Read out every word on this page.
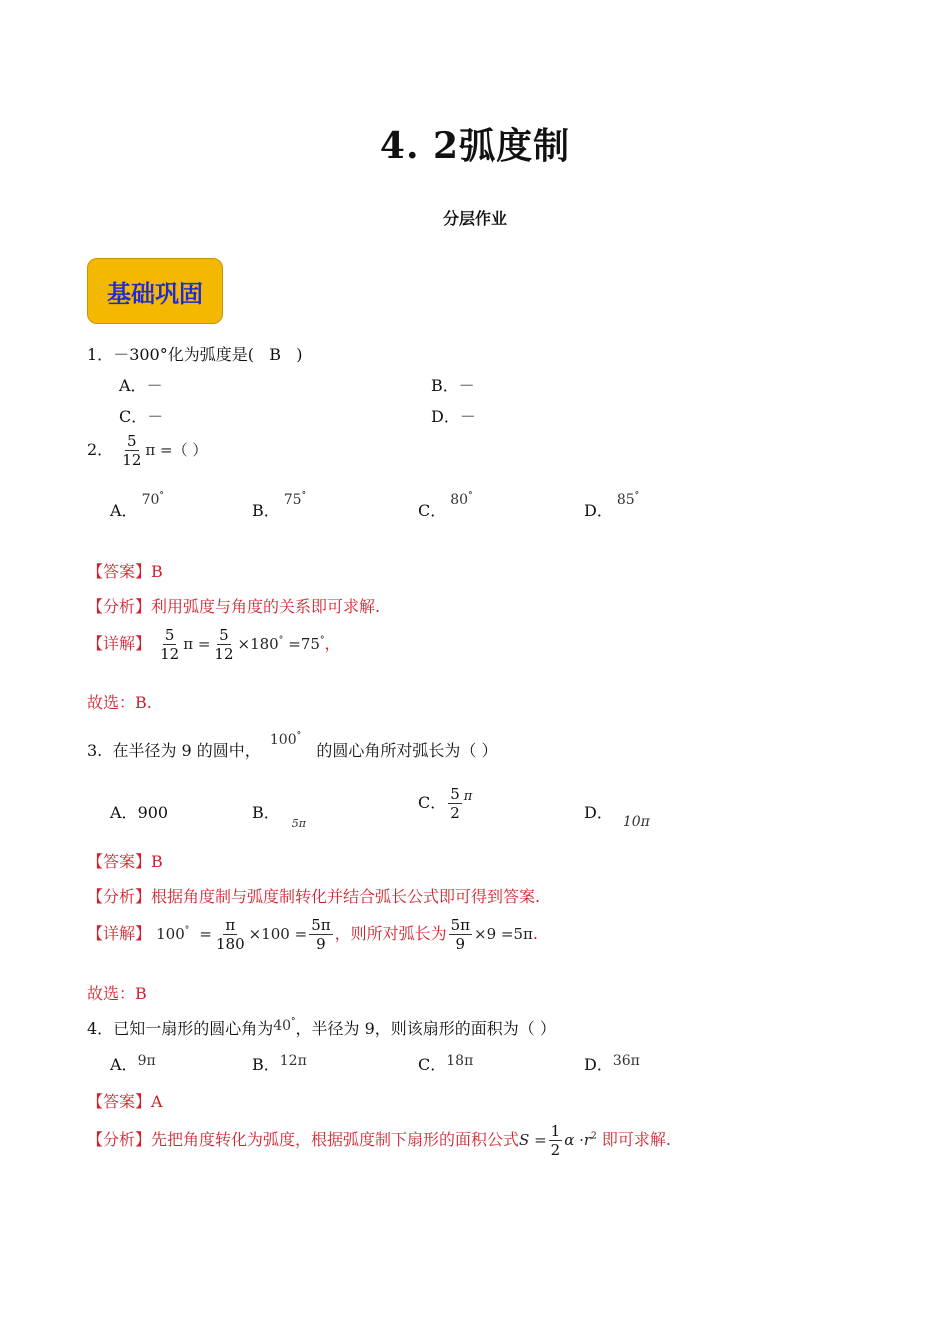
4. 2弧度制
分层作业
基础巩固
1．－300°化为弧度是( B )
A．－	B．－
C．－	D．－
2． $\frac{5}{12}$ π =（ ）
A．70°
B．75°
C．80°
D．85°
【答案】B
【分析】利用弧度与角度的关系即可求解.
【详解】 $\frac{5}{12}$ $\pi = \frac{5}{12} \times 180^\circ =75^\circ$，
故选：B.
3. 在半径为 9 的圆中， 100°   的圆心角所对弧长为（ ）
A．900	B．$_{5\pi}$
C． $\frac{5}{2} ^\pi$
D． 10π
【答案】B
【分析】根据角度制与弧度制转化并结合弧长公式即可得到答案.
【详解】 $100^\circ = \frac{\pi}{180} \times 100 = \frac{5\pi}{9}$ ，则所对弧长为 $\frac{5\pi}{9} \times 9 =5\pi$.
故选：B
4．已知一扇形的圆心角为40°，半径为 9，则该扇形的面积为（ ）
A．9π	B．12π	C．18π	D．36π
【答案】A
【分析】先把角度转化为弧度，根据弧度制下扇形的面积公式$S = \frac{1}{2}$ $\alpha \cdot r^2$ 即可求解.
